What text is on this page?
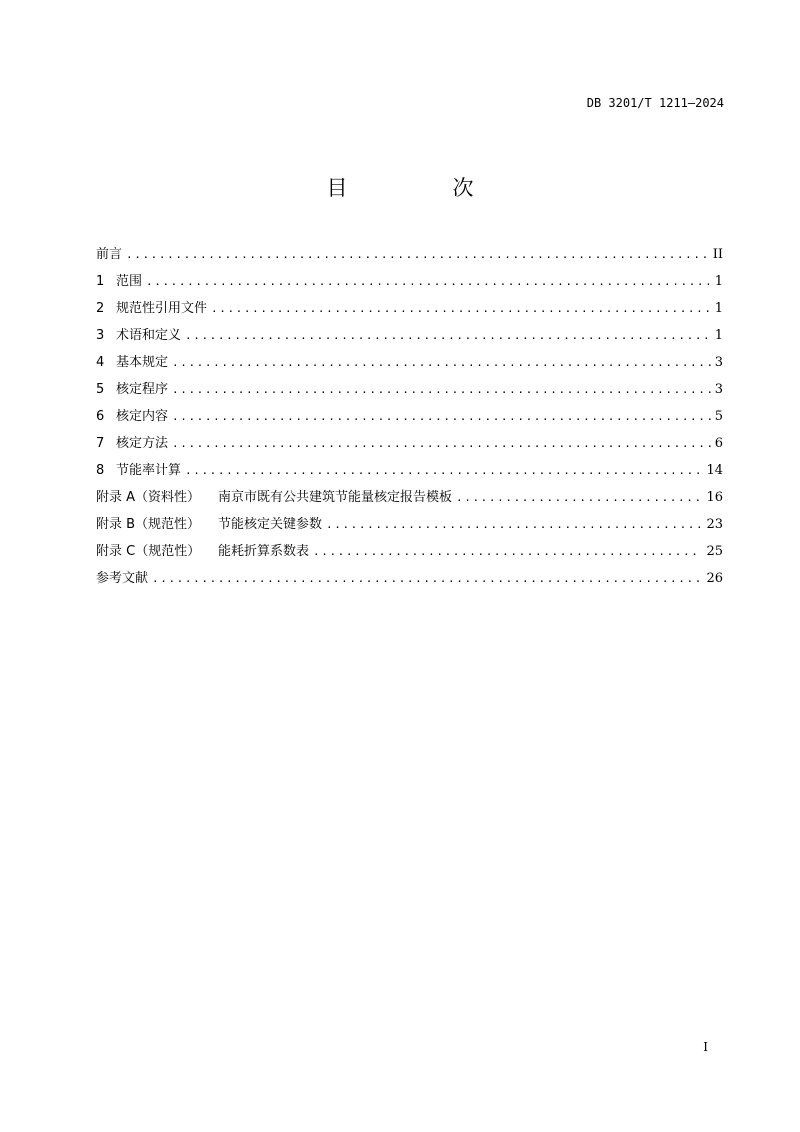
DB 3201/T 1211—2024
目　次
前言 .....	II
1 范围 .....	1
2 规范性引用文件 .....	1
3 术语和定义 .....	1
4 基本规定 .....	3
5 核定程序 .....	3
6 核定内容 .....	5
7 核定方法 .....	6
8 节能率计算 .....	14
附录 A（资料性）	南京市既有公共建筑节能量核定报告模板 .....	16
附录 B（规范性）	节能核定关键参数 .....	23
附录 C（规范性）	能耗折算系数表 .....	25
参考文献 .....	26
I
